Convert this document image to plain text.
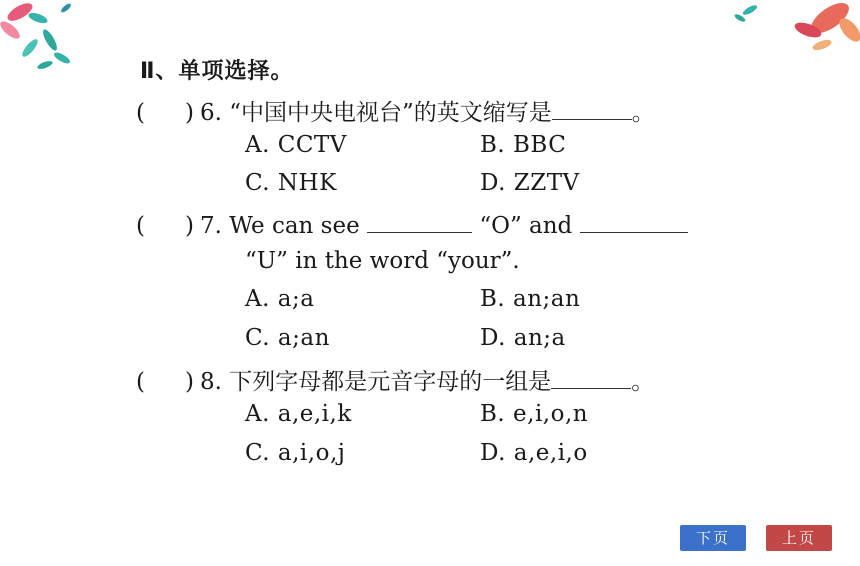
Ⅱ、单项选择。
( ) 6. “中国中央电视台”的英文缩写是	。
A. CCTV	B. BBC
C. NHK	D. ZZTV
( ) 7. We can see	“O” and
“U” in the word “your”.
A. a;a	B. an;an
C. a;an	D. an;a
( ) 8. 下列字母都是元音字母的一组是	。
A. a,e,i,k	B. e,i,o,n
C. a,i,o,j	D. a,e,i,o
下页	上页
